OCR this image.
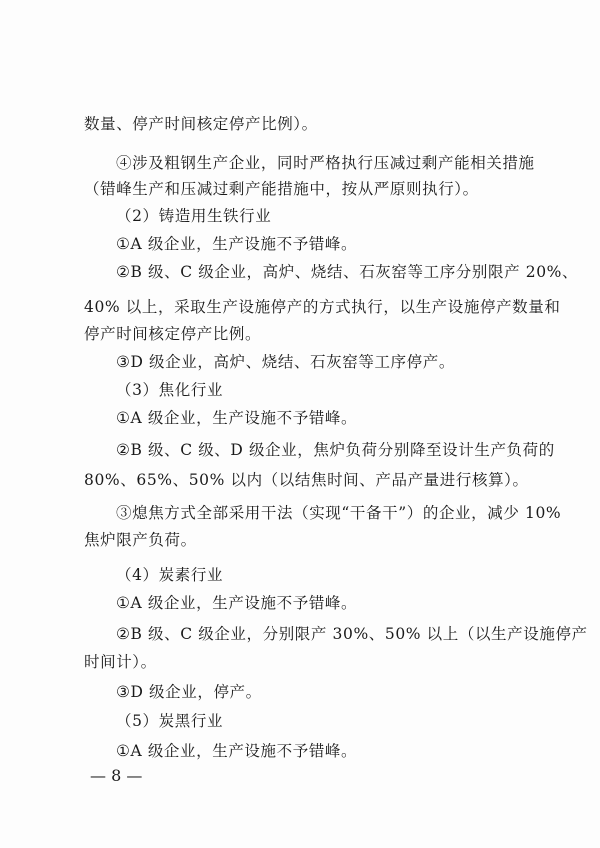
数量、停产时间核定停产比例）。
④涉及粗钢生产企业，同时严格执行压减过剩产能相关措施
（错峰生产和压减过剩产能措施中，按从严原则执行）。
（2）铸造用生铁行业
①A 级企业，生产设施不予错峰。
②B 级、C 级企业，高炉、烧结、石灰窑等工序分别限产 20%、
40% 以上，采取生产设施停产的方式执行，以生产设施停产数量和
停产时间核定停产比例。
③D 级企业，高炉、烧结、石灰窑等工序停产。
（3）焦化行业
①A 级企业，生产设施不予错峰。
②B 级、C 级、D 级企业，焦炉负荷分别降至设计生产负荷的
80%、65%、50% 以内（以结焦时间、产品产量进行核算）。
③熄焦方式全部采用干法（实现“干备干”）的企业，减少 10%
焦炉限产负荷。
（4）炭素行业
①A 级企业，生产设施不予错峰。
②B 级、C 级企业，分别限产 30%、50% 以上（以生产设施停产
时间计）。
③D 级企业，停产。
（5）炭黑行业
①A 级企业，生产设施不予错峰。
— 8 —
